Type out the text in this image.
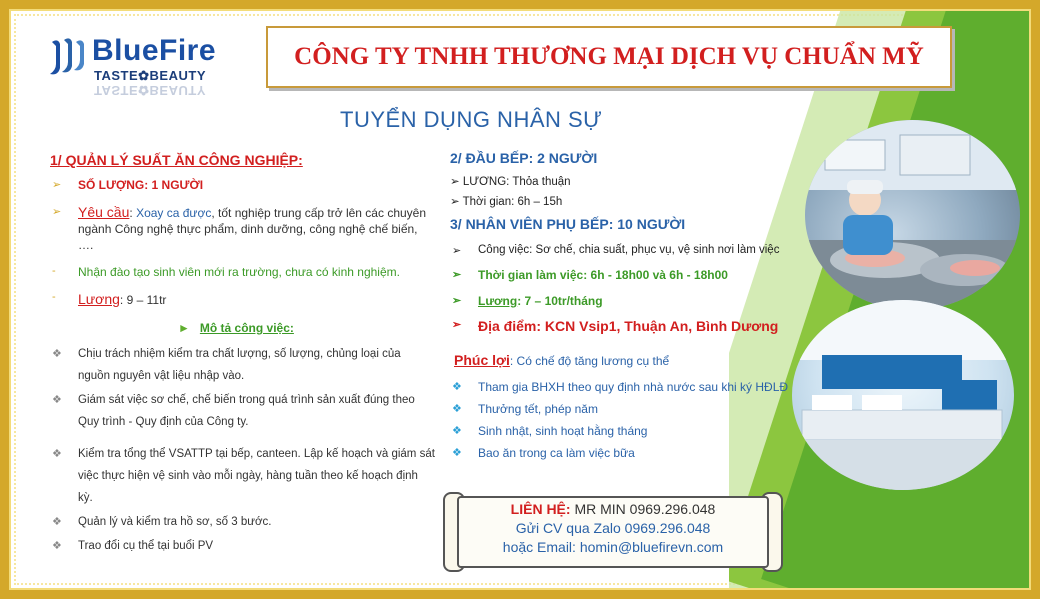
BlueFire
TASTE✿BEAUTY
TASTE✿BEAUTY
CÔNG TY TNHH THƯƠNG MẠI DỊCH VỤ CHUẨN MỸ
TUYỂN DỤNG NHÂN SỰ
1/ QUẢN LÝ SUẤT ĂN CÔNG NGHIỆP:

➢ SỐ LƯỢNG: 1 NGƯỜI

➢ Yêu cầu: Xoay ca được, tốt nghiệp trung cấp trở lên các chuyên ngành Công nghệ thực phẩm, dinh dưỡng, công nghệ chế biến, ….

- Nhận đào tạo sinh viên mới ra trường, chưa có kinh nghiệm.

- Lương: 9 – 11tr

► Mô tả công việc:

❖ Chịu trách nhiệm kiểm tra chất lượng, số lượng, chủng loại của nguồn nguyên vật liệu nhập vào.

❖ Giám sát việc sơ chế, chế biến trong quá trình sản xuất đúng theo Quy trình - Quy định của Công ty.

❖ Kiểm tra tổng thể VSATTP tại bếp, canteen. Lập kế hoạch và giám sát việc thực hiện vệ sinh vào mỗi ngày, hàng tuần theo kế hoạch định kỳ.

❖ Quản lý và kiểm tra hồ sơ, số 3 bước.

❖ Trao đổi cụ thể tại buổi PV

2/ ĐẦU BẾP: 2 NGƯỜI

➢ LƯƠNG: Thỏa thuận

➢ Thời gian: 6h – 15h

3/ NHÂN VIÊN PHỤ BẾP: 10 NGƯỜI

➢ Công việc: Sơ chế, chia suất, phục vụ, vệ sinh nơi làm việc

➢ Thời gian làm việc: 6h - 18h00 và 6h - 18h00

➢ Lương: 7 – 10tr/tháng

➢ Địa điểm: KCN Vsip1, Thuận An, Bình Dương

Phúc lợi: Có chế độ tăng lương cụ thể

❖ Tham gia BHXH theo quy định nhà nước sau khi ký HĐLĐ

❖ Thưởng tết, phép năm

❖ Sinh nhật, sinh hoạt hằng tháng

❖ Bao ăn trong ca làm việc bữa

LIÊN HỆ: MR MIN 0969.296.048
Gửi CV qua Zalo 0969.296.048
hoặc Email: homin@bluefirevn.com
